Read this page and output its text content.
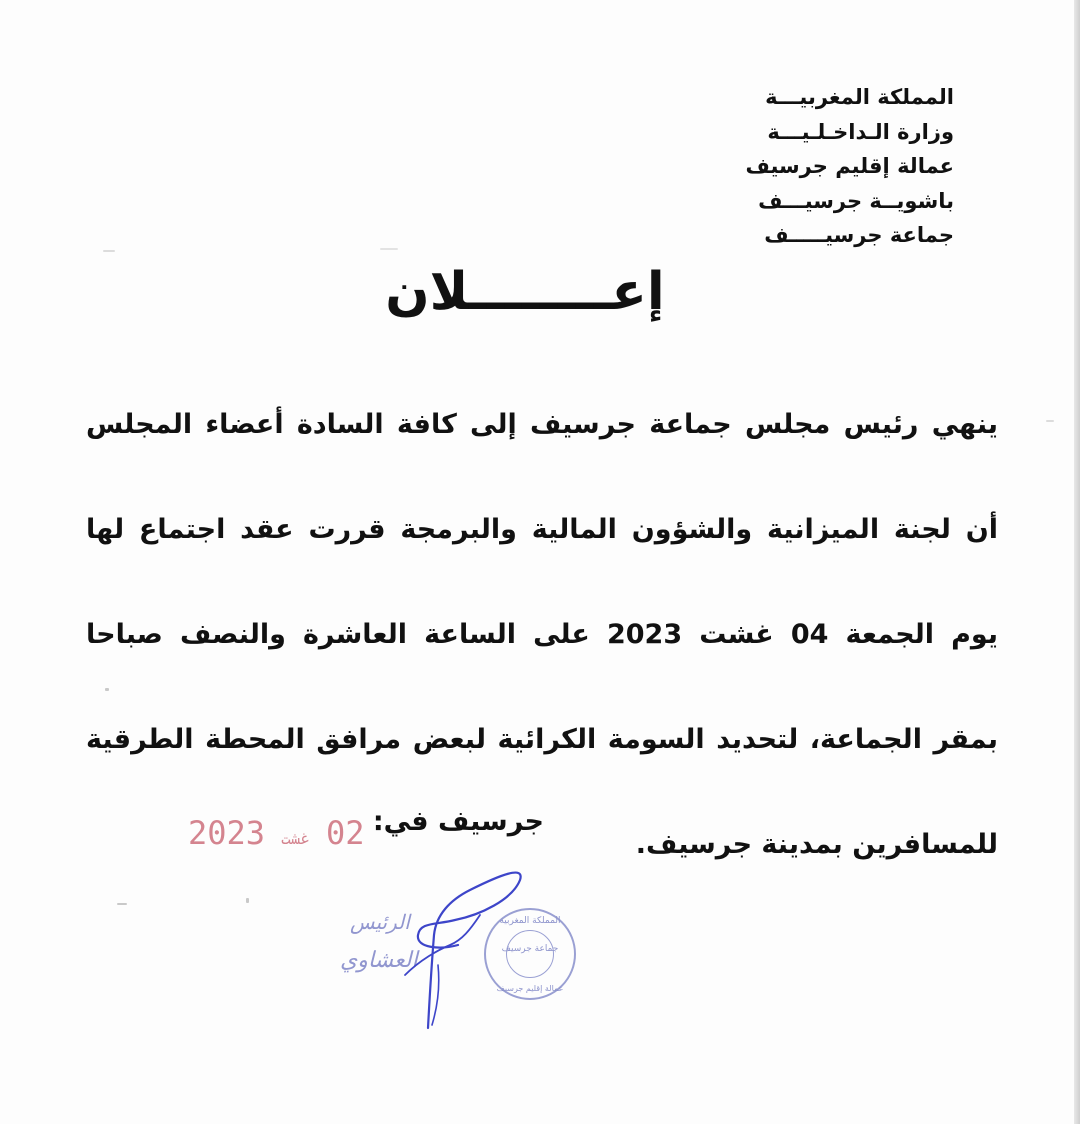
المملكة المغربيـــة
وزارة الـداخـلـيـــة
عمالة إقليم جرسيف
باشويــة جرسيـــف
جماعة جرسيـــــف
إعــــــــلان
ينهي رئيس مجلس جماعة جرسيف إلى كافة السادة أعضاء المجلس أن لجنة الميزانية والشؤون المالية والبرمجة قررت عقد اجتماع لها يوم الجمعة 04 غشت 2023 على الساعة العاشرة والنصف صباحا بمقر الجماعة، لتحديد السومة الكرائية لبعض مرافق المحطة الطرقية للمسافرين بمدينة جرسيف.
جرسيف في:
2023 غشت 02
الرئيس
العشاوي
المملكة المغربية
جماعة جرسيف
عمالة إقليم جرسيف
